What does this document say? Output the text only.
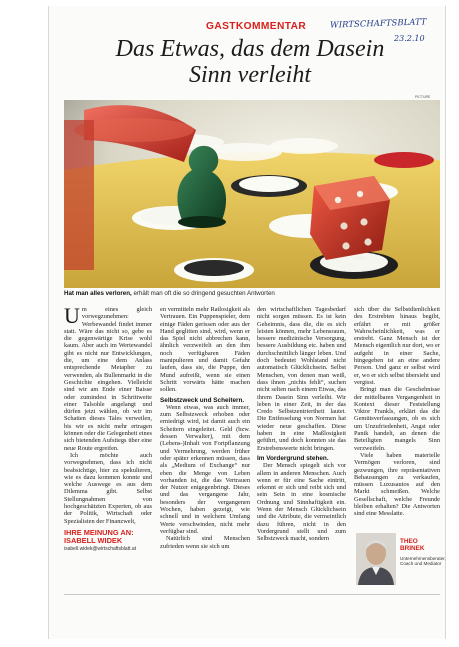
WIRTSCHAFTSBLATT
23.2.10
GASTKOMMENTAR
Das Etwas, das dem Dasein
Sinn verleiht
PICTURE
Hat man alles verloren, erhält man oft die so dringend gesuchten Antworten
U m eines gleich vorwegzunehmen: Werbewandel findet immer statt. Wäre das nicht so, gebe es die gegenwärtige Krise wohl kaum. Aber auch im Wertewandel gibt es nicht nur Entwicklungen, die, um eine dem Anlass entsprechende Metapher zu verwenden, als Bullenmarkt in die Geschichte eingehen. Vielleicht sind wir am Ende einer Baisse oder zumindest in Schrittweite einer Talsohle angelangt und dürfen jetzt wählen, ob wir im Schatten dieses Tales verweilen, bis wir es nicht mehr ertragen können oder die Gelegenheit eines sich bietenden Aufstiegs über eine neue Route ergreifen.

Ich möchte auch vorwegnehmen, dass ich nicht beabsichtige, hier zu spekulieren, wie es dazu kommen konnte und welche Auswege es aus dem Dilemma gibt. Selbst Stellungnahmen von hochgeschätzten Experten, ob aus der Politik, Wirtschaft oder Spezialisten der Finanzwelt,

IHRE MEINUNG AN:
ISABELL WIDEK
isabell.widek@wirtschaftsblatt.at

en vermitteln mehr Ratlosigkeit als Vertrauen. Ein Puppenspieler, dem einige Fäden gerissen oder aus der Hand geglitten sind, wird, wenn er das Spiel nicht abbrechen kann, ähnlich verzweifelt an den ihm noch verfügbaren Fäden manipulieren und damit Gefahr laufen, dass sie, die Puppe, den Mund aufreißt, wenn sie einen Schritt vorwärts hätte machen sollen.

Selbstzweck und Scheitern.

Wenn etwas, was auch immer, zum Selbstzweck erhoben oder erniedrigt wird, ist damit auch ein Scheitern eingeleitet. Geld (bzw. dessen Verwalter), mit dem (Lebens-)Inhalt von Fortpflanzung und Vermehrung, werden früher oder später erkennen müssen, dass als „Medium of Exchange“ nur eben die Menge von Leben vorhanden ist, die das Vertrauen der Nutzer entgegenbringt. Dieses und das vergangene Jahr, besonders der vergangenen Wochen, haben gezeigt, wie schnell und in welchem Umfang Werte verschwinden, nicht mehr verfügbar sind.

Natürlich sind Menschen zufrieden wenn sie sich um

den wirtschaftlichen Tagesbedarf nicht sorgen müssen. Es ist kein Geheimnis, dass die, die es sich leisten können, mehr Lebensraum, bessere medizinische Versorgung, bessere Ausbildung etc. haben und durchschnittlich länger leben. Und doch bedeutet Wohlstand nicht automatisch Glücklichsein. Selbst Menschen, von denen man weiß, dass ihnen „nichts fehlt“, suchen nicht selten nach einem Etwas, das ihrem Dasein Sinn verleiht. Wir leben in einer Zeit, in der das Credo Selbstzentriertheit lautet. Die Entfesselung von Normen hat wieder neue geschaffen. Diese haben in eine Maßlosigkeit geführt, und doch konnten sie das Erstrebenswerte nicht bringen.

Im Vordergrund stehen.

Der Mensch spiegelt sich vor allem in anderen Menschen. Auch wenn er für eine Sache eintritt, erkennt er sich und reibt sich und sein Sein in eine kosmische Ordnung und Sinnhaftigkeit ein. Wenn der Mensch Glücklichsein und die Attribute, die vermeintlich dazu führen, nicht in den Vordergrund stellt und zum Selbstzweck macht, sondern

sich über die Selbstdienlichkeit des Erstrebten hinaus begibt, erfährt er mit größer Wahrscheinlichkeit, was er erstrebt. Ganz Mensch ist der Mensch eigentlich nur dort, wo er aufgeht in einer Sache, hingegeben ist an eine andere Person. Und ganz er selbst wird er, wo er sich selbst übersieht und vergisst.

Bringt man die Geschehnisse der mittelbaren Vergangenheit in Kontext dieser Feststellung Viktor Frankls, erklärt das die Gemütsverfassungen, ob es sich um Unzufriedenheit, Angst oder Panik handelt, an denen die Beteiligten mangels Sinn verzweifeln.

Viele haben materielle Vermögen verloren, sind gezwungen, ihre repräsentativen Behausungen zu verkaufen, müssen Luxusautos auf den Markt schmeißen. Welche Gesellschaft, welche Freunde bleiben erhalten? Die Antworten sind eine Messlatte.

THEO
BRINEK
Unternehmensberater, Coach und Mediator
